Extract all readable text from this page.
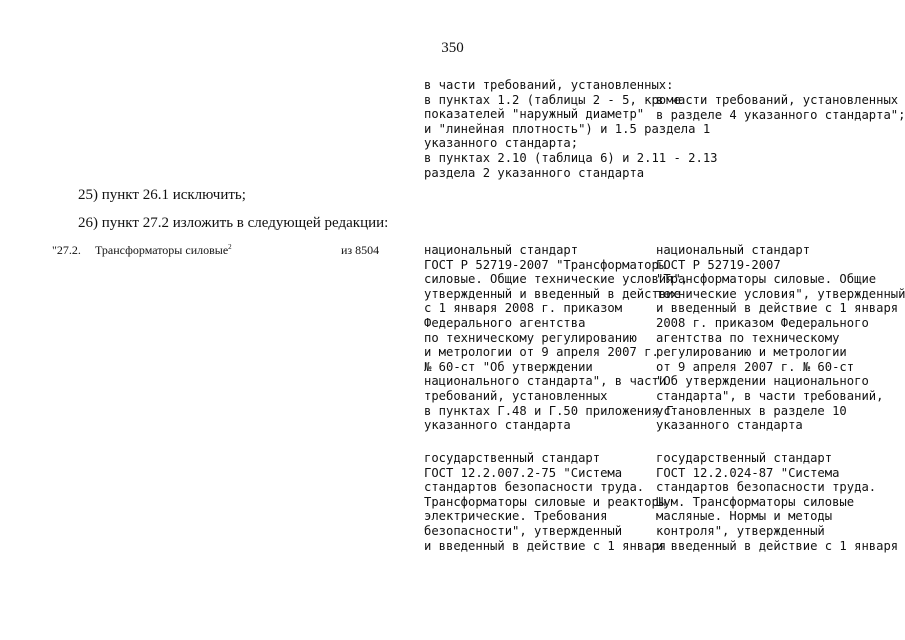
350
в части требований, установленных:
в пунктах 1.2 (таблицы 2 - 5, кроме
показателей "наружный диаметр"
и "линейная плотность") и 1.5 раздела 1
указанного стандарта;
в пунктах 2.10 (таблица 6) и 2.11 - 2.13
раздела 2 указанного стандарта
в части требований, установленных
в разделе 4 указанного стандарта";
25) пункт 26.1 исключить;
26) пункт 27.2 изложить в следующей редакции:
"27.2. Трансформаторы силовые$^2$	из 8504	национальный стандарт
ГОСТ Р 52719-2007 "Трансформаторы
силовые. Общие технические условия",
утвержденный и введенный в действие
с 1 января 2008 г. приказом
Федерального агентства
по техническому регулированию
и метрологии от 9 апреля 2007 г.
№ 60-ст "Об утверждении
национального стандарта", в части
требований, установленных
в пунктах Г.48 и Г.50 приложения Г
указанного стандарта
национальный стандарт
ГОСТ Р 52719-2007
"Трансформаторы силовые. Общие
технические условия", утвержденный
и введенный в действие с 1 января
2008 г. приказом Федерального
агентства по техническому
регулированию и метрологии
от 9 апреля 2007 г. № 60-ст
"Об утверждении национального
стандарта", в части требований,
установленных в разделе 10
указанного стандарта
государственный стандарт
ГОСТ 12.2.007.2-75 "Система
стандартов безопасности труда.
Трансформаторы силовые и реакторы
электрические. Требования
безопасности", утвержденный
и введенный в действие с 1 января
государственный стандарт
ГОСТ 12.2.024-87 "Система
стандартов безопасности труда.
Шум. Трансформаторы силовые
масляные. Нормы и методы
контроля", утвержденный
и введенный в действие с 1 января
